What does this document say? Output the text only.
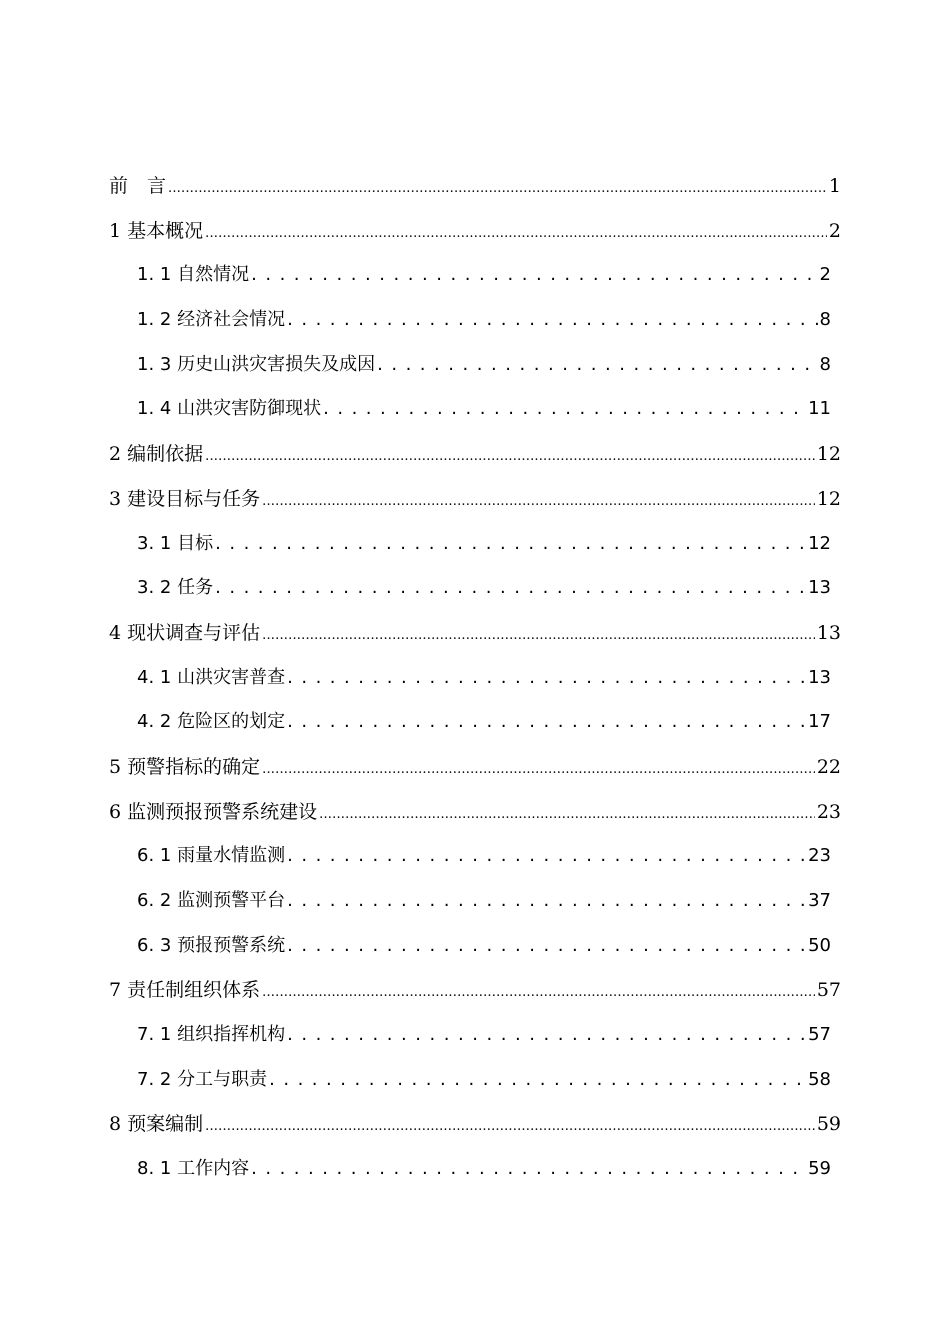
前　言 .....	1
1 基本概况 .....	2
1. 1 自然情况 . . .	2
1. 2 经济社会情况 . . .	8
1. 3 历史山洪灾害损失及成因 . . .	8
1. 4 山洪灾害防御现状 . . .	11
2 编制依据 .....	12
3 建设目标与任务 .....	12
3. 1 目标 . . .	12
3. 2 任务 . . .	13
4 现状调查与评估 .....	13
4. 1 山洪灾害普查 . . .	13
4. 2 危险区的划定 . . .	17
5 预警指标的确定 .....	22
6 监测预报预警系统建设 .....	23
6. 1 雨量水情监测 . . .	23
6. 2 监测预警平台 . . .	37
6. 3 预报预警系统 . . .	50
7 责任制组织体系 .....	57
7. 1 组织指挥机构 . . .	57
7. 2 分工与职责 . . .	58
8 预案编制 .....	59
8. 1 工作内容 . . .	59
